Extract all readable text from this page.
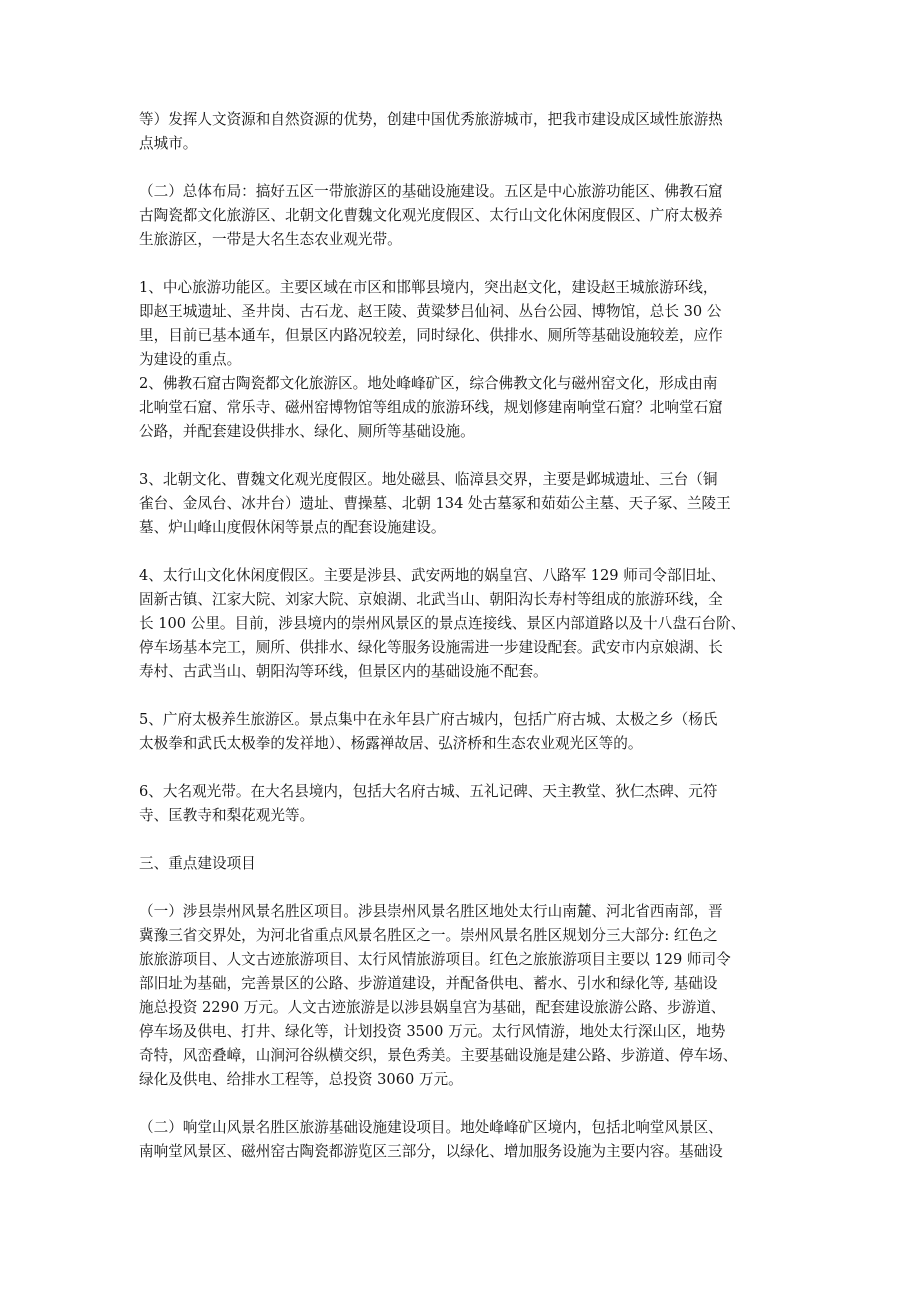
等）发挥人文资源和自然资源的优势，创建中国优秀旅游城市，把我市建设成区域性旅游热
点城市。
（二）总体布局：搞好五区一带旅游区的基础设施建设。五区是中心旅游功能区、佛教石窟
古陶瓷都文化旅游区、北朝文化曹魏文化观光度假区、太行山文化休闲度假区、广府太极养
生旅游区，一带是大名生态农业观光带。
1、中心旅游功能区。主要区域在市区和邯郸县境内，突出赵文化，建设赵王城旅游环线，
即赵王城遗址、圣井岗、古石龙、赵王陵、黄粱梦吕仙祠、丛台公园、博物馆，总长 30 公
里，目前已基本通车，但景区内路况较差，同时绿化、供排水、厕所等基础设施较差，应作
为建设的重点。
2、佛教石窟古陶瓷都文化旅游区。地处峰峰矿区，综合佛教文化与磁州窑文化，形成由南
北响堂石窟、常乐寺、磁州窑博物馆等组成的旅游环线，规划修建南响堂石窟？北响堂石窟
公路，并配套建设供排水、绿化、厕所等基础设施。
3、北朝文化、曹魏文化观光度假区。地处磁县、临漳县交界，主要是邺城遗址、三台（铜
雀台、金凤台、冰井台）遗址、曹操墓、北朝 134 处古墓冢和茹茹公主墓、天子冢、兰陵王
墓、炉山峰山度假休闲等景点的配套设施建设。
4、太行山文化休闲度假区。主要是涉县、武安两地的娲皇宫、八路军 129 师司令部旧址、
固新古镇、江家大院、刘家大院、京娘湖、北武当山、朝阳沟长寿村等组成的旅游环线，全
长 100 公里。目前，涉县境内的崇州风景区的景点连接线、景区内部道路以及十八盘石台阶、
停车场基本完工，厕所、供排水、绿化等服务设施需进一步建设配套。武安市内京娘湖、长
寿村、古武当山、朝阳沟等环线，但景区内的基础设施不配套。
5、广府太极养生旅游区。景点集中在永年县广府古城内，包括广府古城、太极之乡（杨氏
太极拳和武氏太极拳的发祥地）、杨露禅故居、弘济桥和生态农业观光区等的。
6、大名观光带。在大名县境内，包括大名府古城、五礼记碑、天主教堂、狄仁杰碑、元符
寺、匡教寺和梨花观光等。
三、重点建设项目
（一）涉县崇州风景名胜区项目。涉县崇州风景名胜区地处太行山南麓、河北省西南部，晋
冀豫三省交界处，为河北省重点风景名胜区之一。崇州风景名胜区规划分三大部分: 红色之
旅旅游项目、人文古迹旅游项目、太行风情旅游项目。红色之旅旅游项目主要以 129 师司令
部旧址为基础，完善景区的公路、步游道建设，并配备供电、蓄水、引水和绿化等, 基础设
施总投资 2290 万元。人文古迹旅游是以涉县娲皇宫为基础，配套建设旅游公路、步游道、
停车场及供电、打井、绿化等，计划投资 3500 万元。太行风情游，地处太行深山区，地势
奇特，风峦叠嶂，山涧河谷纵横交织，景色秀美。主要基础设施是建公路、步游道、停车场、
绿化及供电、给排水工程等，总投资 3060 万元。
（二）响堂山风景名胜区旅游基础设施建设项目。地处峰峰矿区境内，包括北响堂风景区、
南响堂风景区、磁州窑古陶瓷都游览区三部分，以绿化、增加服务设施为主要内容。基础设
